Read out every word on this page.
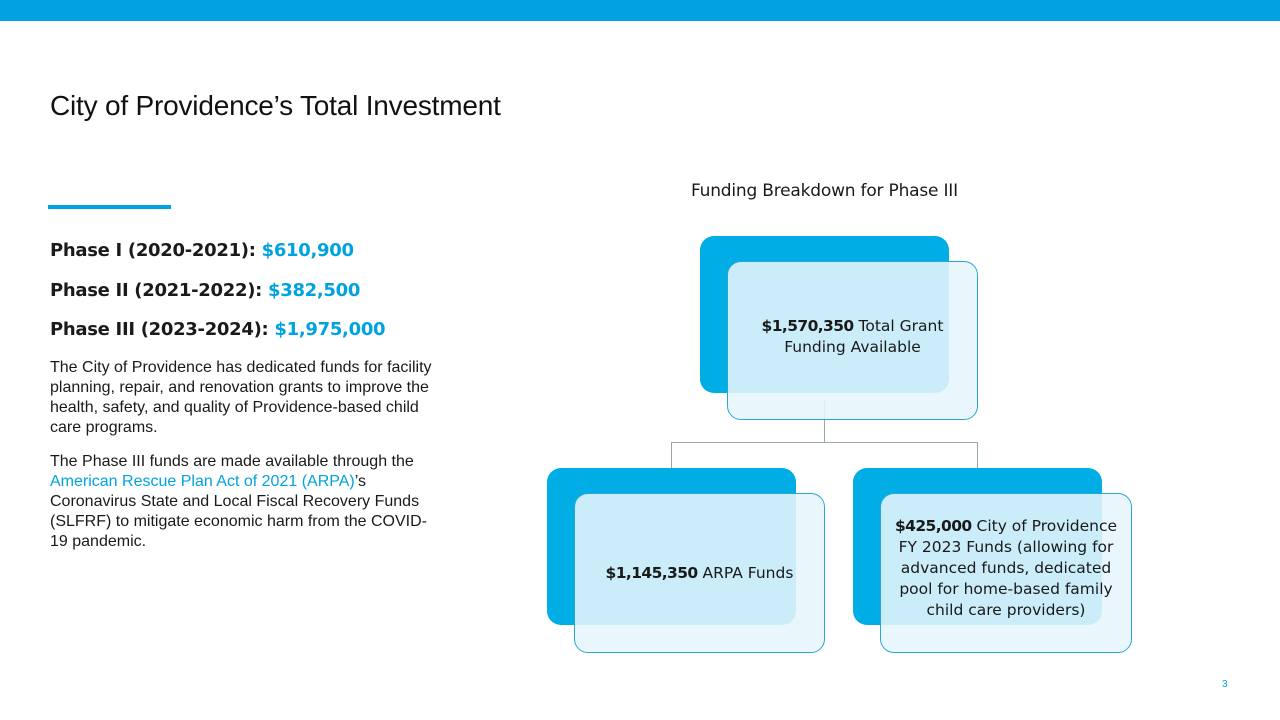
City of Providence’s Total Investment
Phase I (2020-2021): $610,900
Phase II (2021-2022): $382,500
Phase III (2023-2024): $1,975,000
The City of Providence has dedicated funds for facility planning, repair, and renovation grants to improve the health, safety, and quality of Providence-based child care programs.
The Phase III funds are made available through the American Rescue Plan Act of 2021 (ARPA)’s Coronavirus State and Local Fiscal Recovery Funds (SLFRF) to mitigate economic harm from the COVID-19 pandemic.
Funding Breakdown for Phase III
$1,570,350 Total Grant Funding Available
$1,145,350 ARPA Funds
$425,000 City of Providence FY 2023 Funds (allowing for advanced funds, dedicated pool for home-based family child care providers)
3
